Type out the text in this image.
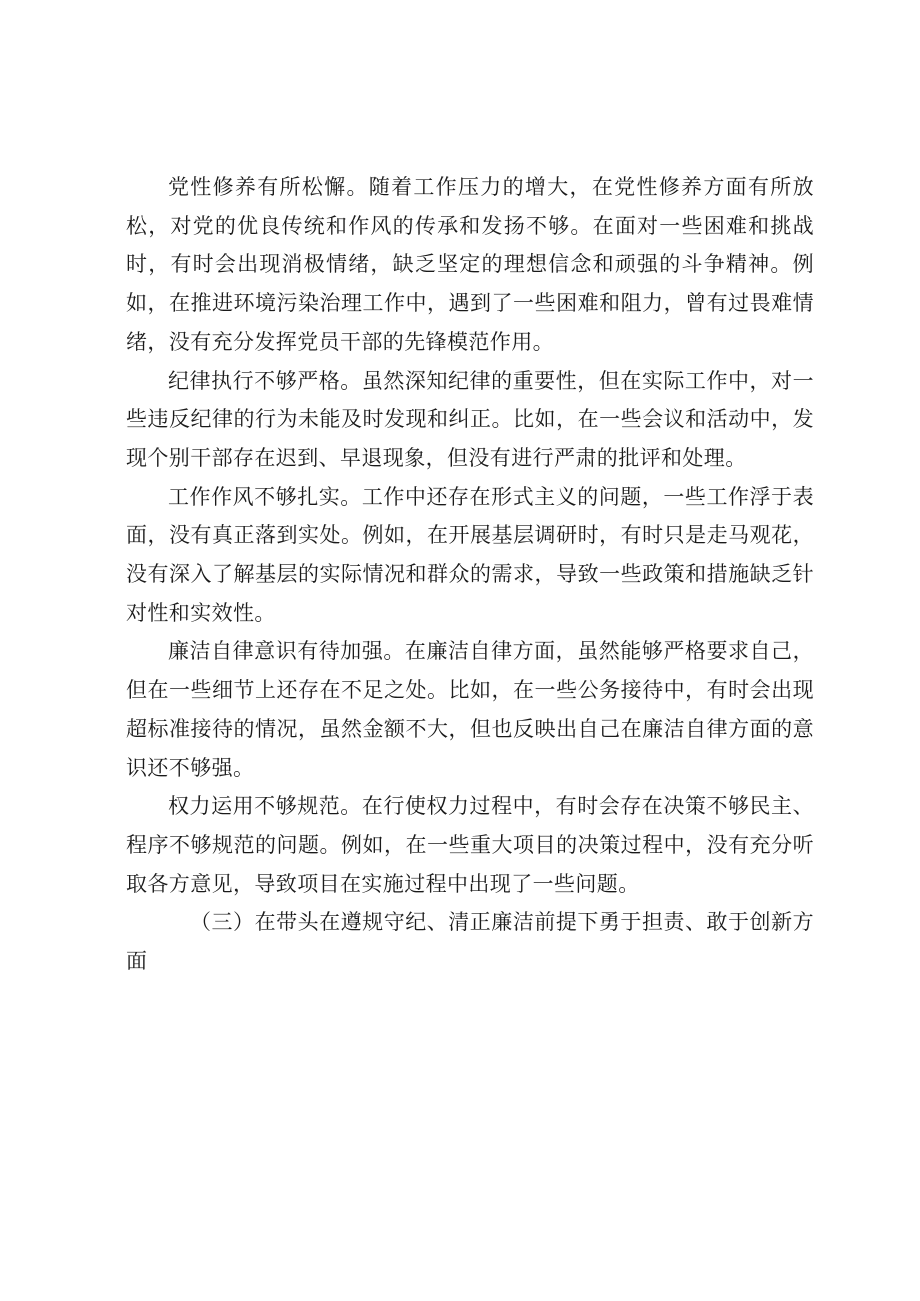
党性修养有所松懈。随着工作压力的增大，在党性修养方面有所放松，对党的优良传统和作风的传承和发扬不够。在面对一些困难和挑战时，有时会出现消极情绪，缺乏坚定的理想信念和顽强的斗争精神。例如，在推进环境污染治理工作中，遇到了一些困难和阻力，曾有过畏难情绪，没有充分发挥党员干部的先锋模范作用。

纪律执行不够严格。虽然深知纪律的重要性，但在实际工作中，对一些违反纪律的行为未能及时发现和纠正。比如，在一些会议和活动中，发现个别干部存在迟到、早退现象，但没有进行严肃的批评和处理。

工作作风不够扎实。工作中还存在形式主义的问题，一些工作浮于表面，没有真正落到实处。例如，在开展基层调研时，有时只是走马观花，没有深入了解基层的实际情况和群众的需求，导致一些政策和措施缺乏针对性和实效性。

廉洁自律意识有待加强。在廉洁自律方面，虽然能够严格要求自己，但在一些细节上还存在不足之处。比如，在一些公务接待中，有时会出现超标准接待的情况，虽然金额不大，但也反映出自己在廉洁自律方面的意识还不够强。

权力运用不够规范。在行使权力过程中，有时会存在决策不够民主、程序不够规范的问题。例如，在一些重大项目的决策过程中，没有充分听取各方意见，导致项目在实施过程中出现了一些问题。

（三）在带头在遵规守纪、清正廉洁前提下勇于担责、敢于创新方面
